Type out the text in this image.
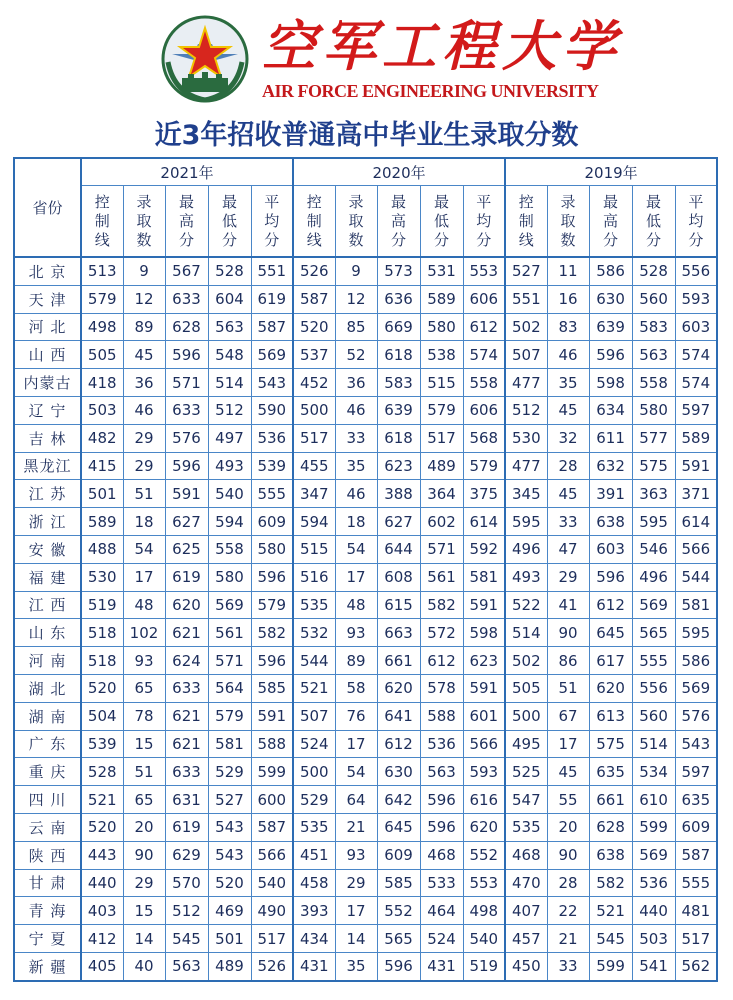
空军工程大学
AIR FORCE ENGINEERING UNIVERSITY
近3年招收普通高中毕业生录取分数
省份	2021年					2020年					2019年				
	控制线	录取数	最高分	最低分	平均分	控制线	录取数	最高分	最低分	平均分	控制线	录取数	最高分	最低分	平均分
北 京	513	9	567	528	551	526	9	573	531	553	527	11	586	528	556
天 津	579	12	633	604	619	587	12	636	589	606	551	16	630	560	593
河 北	498	89	628	563	587	520	85	669	580	612	502	83	639	583	603
山 西	505	45	596	548	569	537	52	618	538	574	507	46	596	563	574
内蒙古	418	36	571	514	543	452	36	583	515	558	477	35	598	558	574
辽 宁	503	46	633	512	590	500	46	639	579	606	512	45	634	580	597
吉 林	482	29	576	497	536	517	33	618	517	568	530	32	611	577	589
黑龙江	415	29	596	493	539	455	35	623	489	579	477	28	632	575	591
江 苏	501	51	591	540	555	347	46	388	364	375	345	45	391	363	371
浙 江	589	18	627	594	609	594	18	627	602	614	595	33	638	595	614
安 徽	488	54	625	558	580	515	54	644	571	592	496	47	603	546	566
福 建	530	17	619	580	596	516	17	608	561	581	493	29	596	496	544
江 西	519	48	620	569	579	535	48	615	582	591	522	41	612	569	581
山 东	518	102	621	561	582	532	93	663	572	598	514	90	645	565	595
河 南	518	93	624	571	596	544	89	661	612	623	502	86	617	555	586
湖 北	520	65	633	564	585	521	58	620	578	591	505	51	620	556	569
湖 南	504	78	621	579	591	507	76	641	588	601	500	67	613	560	576
广 东	539	15	621	581	588	524	17	612	536	566	495	17	575	514	543
重 庆	528	51	633	529	599	500	54	630	563	593	525	45	635	534	597
四 川	521	65	631	527	600	529	64	642	596	616	547	55	661	610	635
云 南	520	20	619	543	587	535	21	645	596	620	535	20	628	599	609
陕 西	443	90	629	543	566	451	93	609	468	552	468	90	638	569	587
甘 肃	440	29	570	520	540	458	29	585	533	553	470	28	582	536	555
青 海	403	15	512	469	490	393	17	552	464	498	407	22	521	440	481
宁 夏	412	14	545	501	517	434	14	565	524	540	457	21	545	503	517
新 疆	405	40	563	489	526	431	35	596	431	519	450	33	599	541	562
